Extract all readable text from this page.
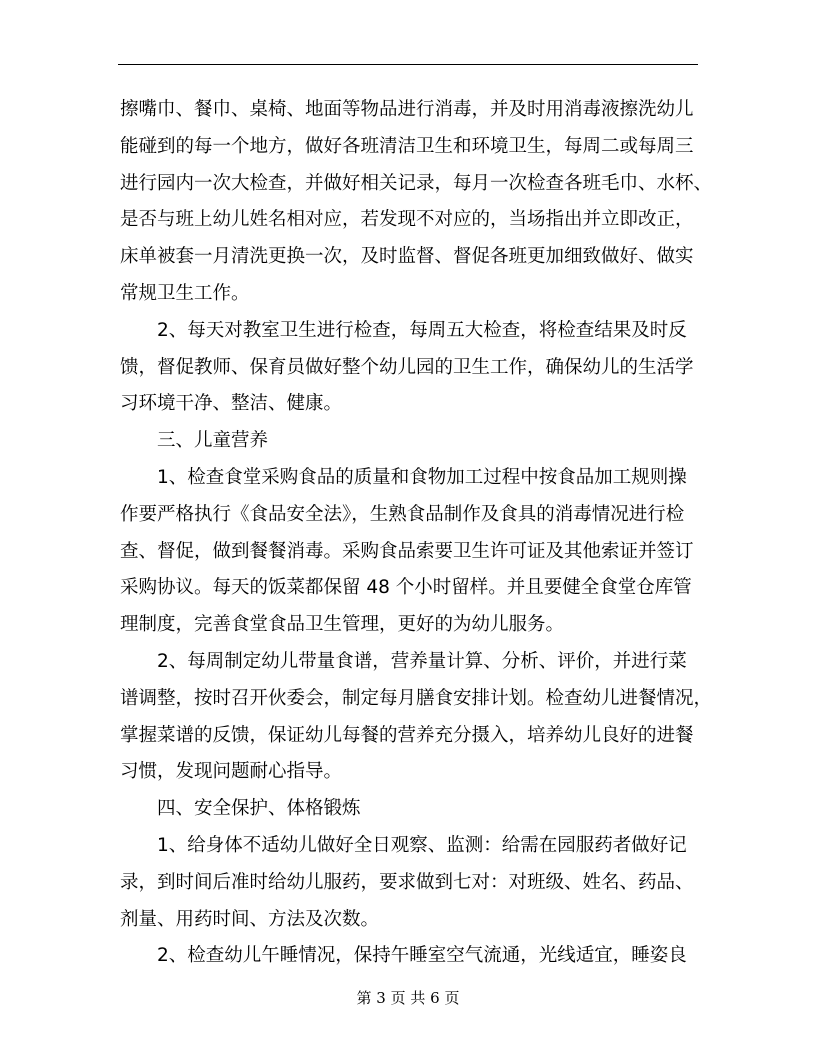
擦嘴巾、餐巾、桌椅、地面等物品进行消毒，并及时用消毒液擦洗幼儿
能碰到的每一个地方，做好各班清洁卫生和环境卫生，每周二或每周三
进行园内一次大检查，并做好相关记录，每月一次检查各班毛巾、水杯、
是否与班上幼儿姓名相对应，若发现不对应的，当场指出并立即改正，
床单被套一月清洗更换一次，及时监督、督促各班更加细致做好、做实
常规卫生工作。
2、每天对教室卫生进行检查，每周五大检查，将检查结果及时反
馈，督促教师、保育员做好整个幼儿园的卫生工作，确保幼儿的生活学
习环境干净、整洁、健康。
三、儿童营养
1、检查食堂采购食品的质量和食物加工过程中按食品加工规则操
作要严格执行《食品安全法》，生熟食品制作及食具的消毒情况进行检
查、督促，做到餐餐消毒。采购食品索要卫生许可证及其他索证并签订
采购协议。每天的饭菜都保留 48 个小时留样。并且要健全食堂仓库管
理制度，完善食堂食品卫生管理，更好的为幼儿服务。
2、每周制定幼儿带量食谱，营养量计算、分析、评价，并进行菜
谱调整，按时召开伙委会，制定每月膳食安排计划。检查幼儿进餐情况，
掌握菜谱的反馈，保证幼儿每餐的营养充分摄入，培养幼儿良好的进餐
习惯，发现问题耐心指导。
四、安全保护、体格锻炼
1、给身体不适幼儿做好全日观察、监测：给需在园服药者做好记
录，到时间后准时给幼儿服药，要求做到七对：对班级、姓名、药品、
剂量、用药时间、方法及次数。
2、检查幼儿午睡情况，保持午睡室空气流通，光线适宜，睡姿良
第 3 页 共 6 页
